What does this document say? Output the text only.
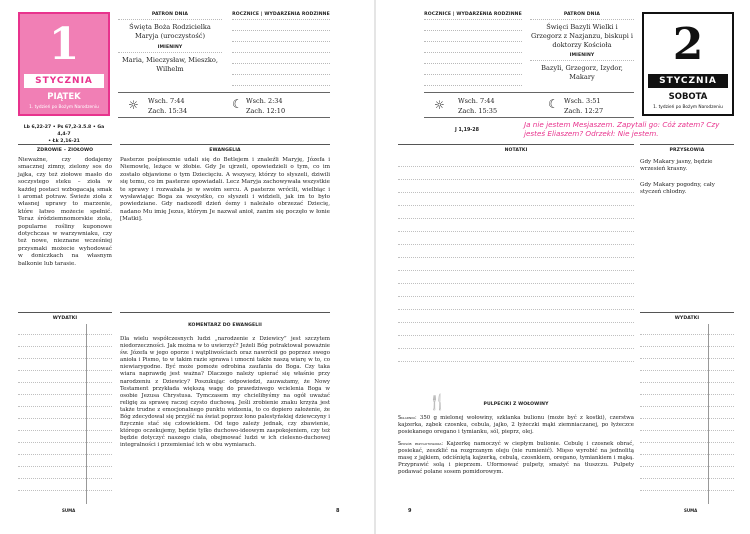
1
STYCZNIA
PIĄTEK
1. tydzień po Bożym Narodzeniu
PATRON DNIA
Święta Boża Rodzicielka Maryja (uroczystość)
IMIENINY
Maria, Mieczysław, Mieszko, Wilhelm
ROCZNICE | WYDARZENIA RODZINNE
☼ Wsch. 7:44
Zach. 15:34	☾ Wsch. 2:34
Zach. 12:10
Lb 6,22-27 • Ps 67,2-3.5.8 • Ga 4,4-7
• Łk 2,16-21
ZDROWIE – ZIOŁOWO
Nieważne, czy dodajemy smacznej zimny, zielony sos do jajka, czy też ziołowe masło do soczystego steku – zioła w każdej postaci wzbogacają smak i aromat potraw. Świeże zioła z własnej uprawy to marzenie, które łatwo możecie spełnić. Teraz śródziemnomorskie zioła, popularne rośliny kuponowe dotychczas w warzywniaku, czy też nowe, nieznane wcześniej przysmaki możecie wyhodować w doniczkach na własnym balkonie lub tarasie.
EWANGELIA
Pasterze pośpiesznie udali się do Betlejem i znaleźli Maryję, Józefa i Niemowlę, leżące w żłobie. Gdy Je ujrzeli, opowiedzieli o tym, co im zostało objawione o tym Dziecięciu. A wszyscy, którzy to słyszeli, dziwili się temu, co im pasterze opowiadali. Lecz Maryja zachowywała wszystkie te sprawy i rozważała je w swoim sercu. A pasterze wrócili, wielbiąc i wysławiając Boga za wszystko, co słyszeli i widzieli, jak im to było powiedziane. Gdy nadszedł dzień ósmy i należało obrzezać Dziecię, nadano Mu imię Jezus, którym Je nazwał anioł, zanim się poczęło w łonie [Matki].
WYDATKI
SUMA
KOMENTARZ DO EWANGELII
Dla wielu współczesnych ludzi „narodzenie z Dziewicy” jest szczytem niedorzeczności. Jak można w to uwierzyć? Jeżeli Bóg potraktował poważnie św. Józefa w jego oporze i wątpliwościach oraz nawrócił go poprzez swego anioła i Pismo, to w takim razie sprawa i umocni także naszą wiarę w to, co niewiarygodne. Być może pomoże odrobina zaufania do Boga. Czy taka wiara naprawdę jest ważna? Dlaczego należy upierać się właśnie przy narodzeniu z Dziewicy? Poszukując odpowiedzi, zauważamy, że Nowy Testament przykłada większą wagę do prawdziwego wcielenia Boga w osobie Jezusa Chrystusa. Tymczasem my chcielibyśmy na ogół uważać religię za sprawę raczej czysto duchową. Jeśli zrobienie znaku krzyża jest także trudne z emocjonalnego punktu widzenia, to co dopiero założenie, że Bóg zdecydował się przyjść na świat poprzez łono palestyńskiej dziewczyny i fizycznie stać się człowiekiem. Od tego zależy jednak, czy zbawienie, którego oczekujemy, będzie tylko duchowo-ideowym zaspokojeniem, czy też będzie dotyczyć naszego ciała, obejmować ludzi w ich cielesno-duchowej integralności i przemieniać ich w obu wymiarach.
8
ROCZNICE | WYDARZENIA RODZINNE	PATRON DNIA
Święci Bazyli Wielki i Grzegorz z Nazjanzu, biskupi i doktorzy Kościoła
IMIENINY
Bazyli, Grzegorz, Izydor, Makary
2
STYCZNIA
SOBOTA
1. tydzień po Bożym Narodzeniu
☼ Wsch. 7:44
Zach. 15:35	☾ Wsch. 3:51
Zach. 12:27
J 1,19-28
Ja nie jestem Mesjaszem. Zapytali go: Cóż zatem? Czy jesteś Eliaszem? Odrzekł: Nie jestem.
NOTATKI	PRZYSŁOWIA
Gdy Makary jasny, będzie wrzesień krasny.
Gdy Makary pogodny, cały styczeń chłodny.
🍴	PULPECIKI Z WOŁOWINY
Składniki: 350 g mielonej wołowiny, szklanka bulionu (może być z kostki), czerstwa kajzerka, ząbek czosnku, cebula, jajko, 2 łyżeczki mąki ziemniaczanej, po łyżeczce posiekanego oregano i tymianku, sól, pieprz, olej.
Sposób przygotowania: Kajzerkę namoczyć w ciepłym bulionie. Cebulę i czosnek obrać, posiekać, zeszklić na rozgrzanym oleju (nie rumienić). Mięso wyrobić na jednolitą masę z jajkiem, odciśniętą kajzerką, cebulą, czosnkiem, oregano, tymiankiem i mąką. Przyprawić solą i pieprzem. Uformować pulpety, smażyć na tłuszczu. Pulpety podawać polane sosem pomidorowym.
WYDATKI
SUMA
9
